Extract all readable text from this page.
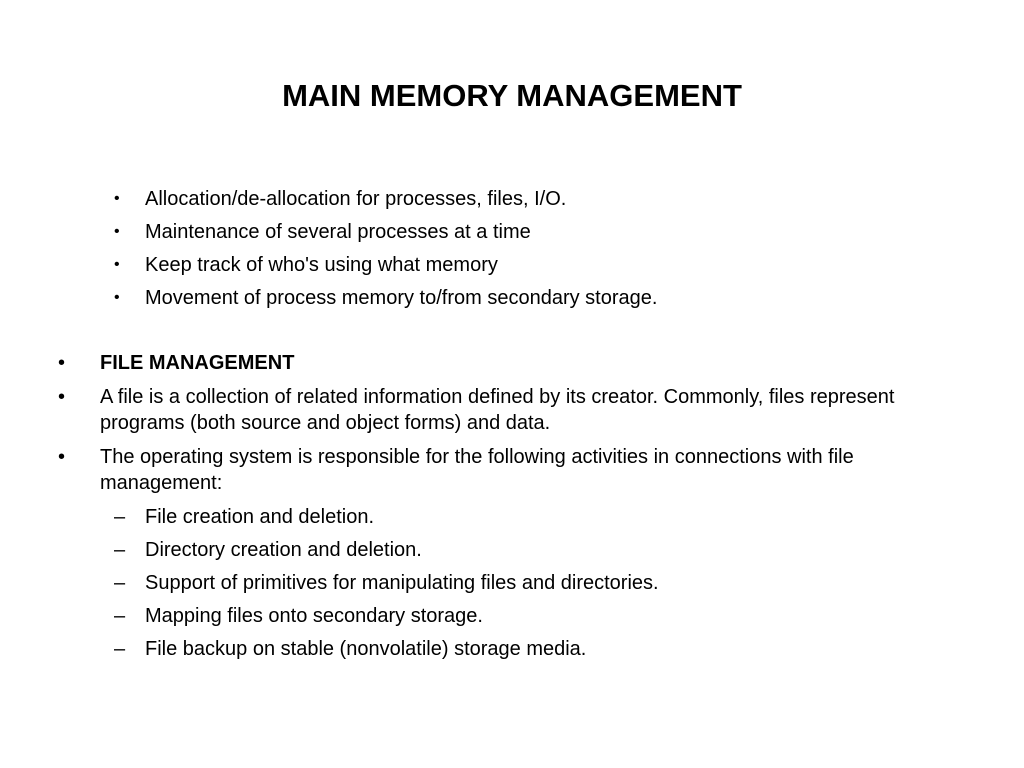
MAIN MEMORY MANAGEMENT
• Allocation/de-allocation for processes, files, I/O.
• Maintenance of several processes at a time
• Keep track of who's using what memory
• Movement of process memory to/from secondary storage.
• FILE MANAGEMENT
• A file is a collection of related information defined by its creator. Commonly, files represent programs (both source and object forms) and data.
• The operating system is responsible for the following activities in connections with file management:
– File creation and deletion.
– Directory creation and deletion.
– Support of primitives for manipulating files and directories.
– Mapping files onto secondary storage.
– File backup on stable (nonvolatile) storage media.
